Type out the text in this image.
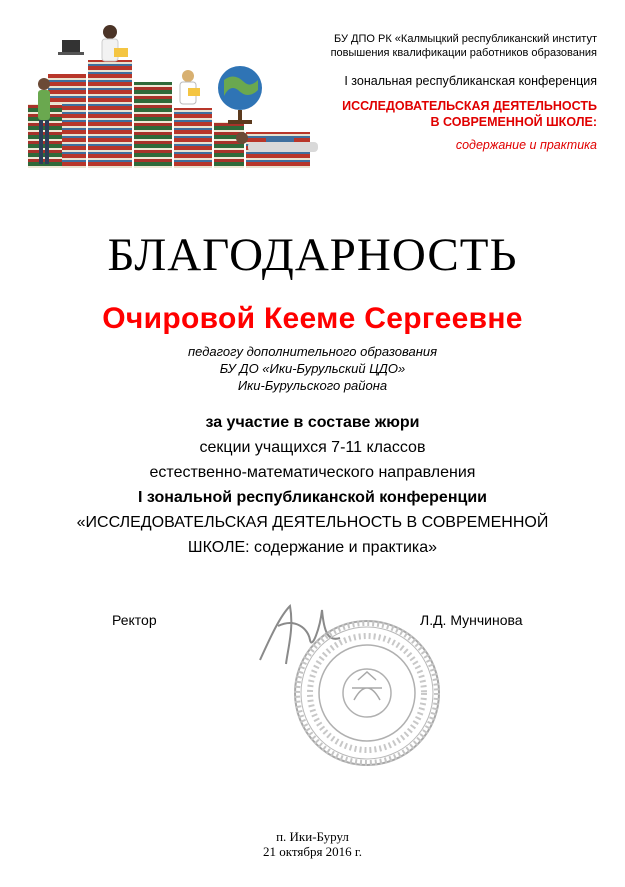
БУ ДПО РК «Калмыцкий республиканский институт
повышения квалификации работников образования
I зональная республиканская конференция
ИССЛЕДОВАТЕЛЬСКАЯ ДЕЯТЕЛЬНОСТЬ
В СОВРЕМЕННОЙ ШКОЛЕ:
содержание и практика
БЛАГОДАРНОСТЬ
Очировой Кееме Сергеевне
педагогу дополнительного образования
БУ ДО «Ики-Бурульский ЦДО»
Ики-Бурульского района
за участие в составе жюри
секции учащихся 7-11 классов
естественно-математического направления
I зональной республиканской конференции
«ИССЛЕДОВАТЕЛЬСКАЯ ДЕЯТЕЛЬНОСТЬ В СОВРЕМЕННОЙ
ШКОЛЕ: содержание и практика»
Ректор	Л.Д. Мунчинова
п. Ики-Бурул
21 октября 2016 г.
